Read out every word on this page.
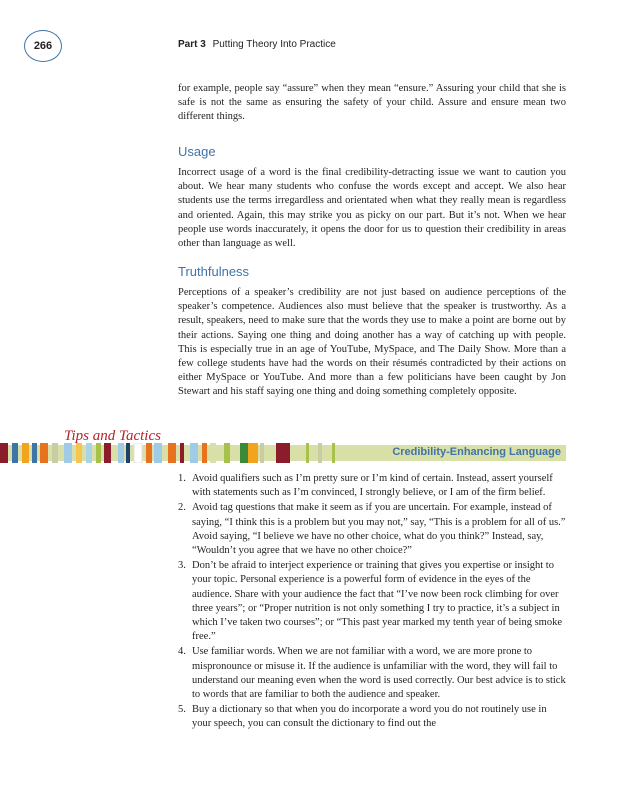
266	Part 3 Putting Theory Into Practice

for example, people say “assure” when they mean “ensure.” Assuring your child that she is safe is not the same as ensuring the safety of your child. Assure and ensure mean two different things.

Usage

Incorrect usage of a word is the final credibility-detracting issue we want to caution you about. We hear many students who confuse the words except and accept. We also hear students use the terms irregardless and orientated when what they really mean is regardless and oriented. Again, this may strike you as picky on our part. But it’s not. When we hear people use words inaccurately, it opens the door for us to question their credibility in areas other than language as well.

Truthfulness

Perceptions of a speaker’s credibility are not just based on audience perceptions of the speaker’s competence. Audiences also must believe that the speaker is trustworthy. As a result, speakers, need to make sure that the words they use to make a point are borne out by their actions. Saying one thing and doing another has a way of catching up with people. This is especially true in an age of YouTube, MySpace, and The Daily Show. More than a few college students have had the words on their résumés contradicted by their actions on either MySpace or YouTube. And more than a few politicians have been caught by Jon Stewart and his staff saying one thing and doing something completely opposite.

Tips and Tactics
Credibility-Enhancing Language
1. Avoid qualifiers such as I’m pretty sure or I’m kind of certain. Instead, assert yourself with statements such as I’m convinced, I strongly believe, or I am of the firm belief.
2. Avoid tag questions that make it seem as if you are uncertain. For example, instead of saying, “I think this is a problem but you may not,” say, “This is a problem for all of us.” Avoid saying, “I believe we have no other choice, what do you think?” Instead, say, “Wouldn’t you agree that we have no other choice?”
3. Don’t be afraid to interject experience or training that gives you expertise or insight to your topic. Personal experience is a powerful form of evidence in the eyes of the audience. Share with your audience the fact that “I’ve now been rock climbing for over three years”; or “Proper nutrition is not only something I try to practice, it’s a subject in which I’ve taken two courses”; or “This past year marked my tenth year of being smoke free.”
4. Use familiar words. When we are not familiar with a word, we are more prone to mispronounce or misuse it. If the audience is unfamiliar with the word, they will fail to understand our meaning even when the word is used correctly. Our best advice is to stick to words that are familiar to both the audience and speaker.
5. Buy a dictionary so that when you do incorporate a word you do not routinely use in your speech, you can consult the dictionary to find out the
